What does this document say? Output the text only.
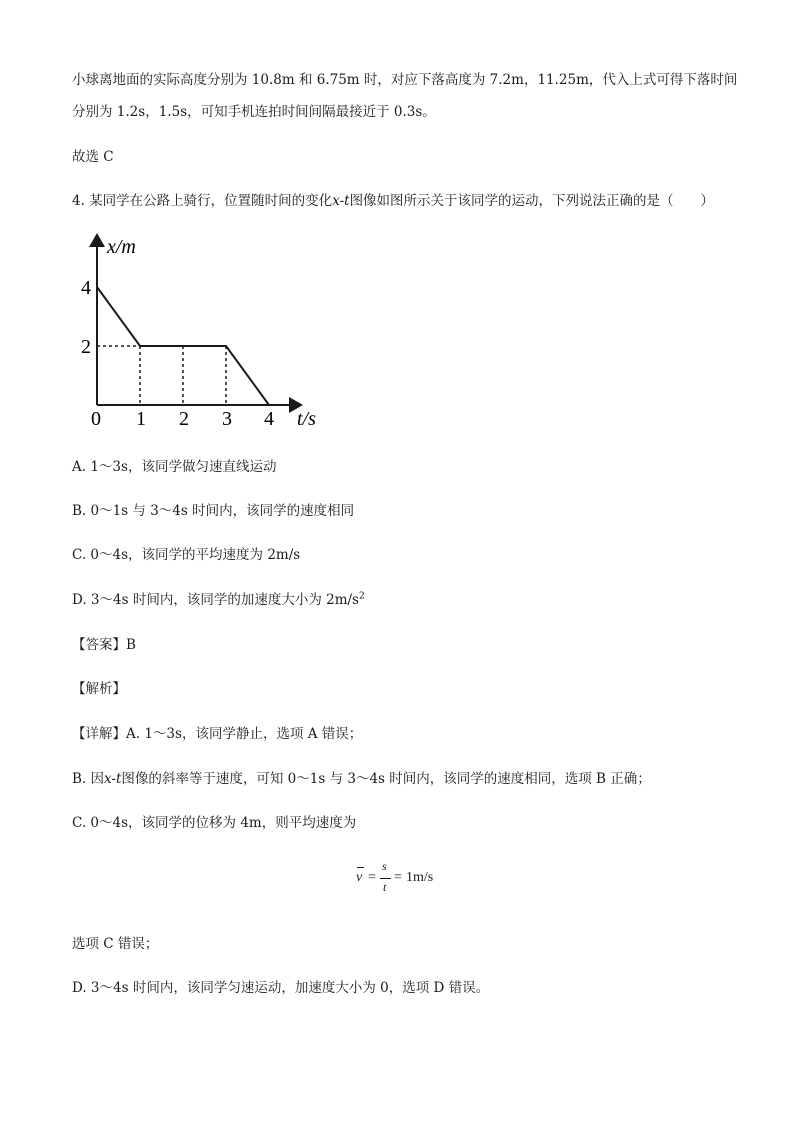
小球离地面的实际高度分别为 10.8m 和 6.75m 时，对应下落高度为 7.2m，11.25m，代入上式可得下落时间
分别为 1.2s，1.5s，可知手机连拍时间间隔最接近于 0.3s。
故选 C
4. 某同学在公路上骑行，位置随时间的变化x-t图像如图所示关于该同学的运动，下列说法正确的是（　　）
x/m
t/s
0
4
2
1 2 3 4
A. 1～3s，该同学做匀速直线运动
B. 0～1s 与 3～4s 时间内，该同学的速度相同
C. 0～4s，该同学的平均速度为 2m/s
D. 3～4s 时间内，该同学的加速度大小为 $2m/s^2$
【答案】B
【解析】
【详解】A. 1～3s，该同学静止，选项 A 错误；
B. 因x-t图像的斜率等于速度，可知 0～1s 与 3～4s 时间内，该同学的速度相同，选项 B 正确；
C. 0～4s，该同学的位移为 4m，则平均速度为
v =
s
t
= 1m/s
选项 C 错误；
D. 3～4s 时间内，该同学匀速运动，加速度大小为 0，选项 D 错误。
